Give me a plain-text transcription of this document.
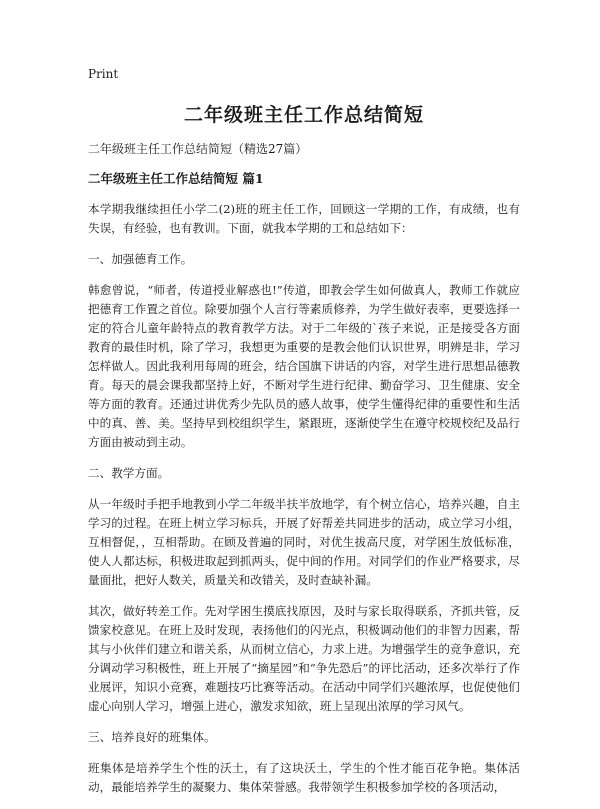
Print
二年级班主任工作总结简短

二年级班主任工作总结简短（精选27篇）

二年级班主任工作总结简短 篇1

本学期我继续担任小学二(2)班的班主任工作，回顾这一学期的工作，有成绩，也有失误，有经验，也有教训。下面，就我本学期的工和总结如下：

一、加强德育工作。

韩愈曾说，“师者，传道授业解惑也!”传道，即教会学生如何做真人，教师工作就应把德育工作置之首位。除要加强个人言行等素质修养，为学生做好表率，更要选择一定的符合儿童年龄特点的教育教学方法。对于二年级的`孩子来说，正是接受各方面教育的最佳时机，除了学习，我想更为重要的是教会他们认识世界，明辨是非，学习怎样做人。因此我利用每周的班会，结合国旗下讲话的内容，对学生进行思想品德教育。每天的晨会课我都坚持上好，不断对学生进行纪律、勤奋学习、卫生健康、安全等方面的教育。还通过讲优秀少先队员的感人故事，使学生懂得纪律的重要性和生活中的真、善、美。坚持早到校组织学生，紧跟班，逐渐使学生在遵守校规校纪及品行方面由被动到主动。

二、教学方面。

从一年级时手把手地教到小学二年级半扶半放地学，有个树立信心，培养兴趣，自主学习的过程。在班上树立学习标兵，开展了好帮差共同进步的活动，成立学习小组，互相督促，，互相帮助。在顾及普遍的同时，对优生拔高尺度，对学困生放低标准，使人人都达标，积极进取起到抓两头，促中间的作用。对同学们的作业严格要求，尽量面批，把好人数关，质量关和改错关，及时查缺补漏。

其次，做好转差工作。先对学困生摸底找原因，及时与家长取得联系，齐抓共管，反馈家校意见。在班上及时发现，表扬他们的闪光点，积极调动他们的非智力因素，帮其与小伙伴们建立和谐关系，从而树立信心，力求上进。为增强学生的竞争意识，充分调动学习积极性，班上开展了“摘星园”和“争先恐后”的评比活动，还多次举行了作业展评，知识小竞赛，难题技巧比赛等活动。在活动中同学们兴趣浓厚，也促使他们虚心向别人学习，增强上进心，激发求知欲，班上呈现出浓厚的学习风气。

三、培养良好的班集体。

班集体是培养学生个性的沃土，有了这块沃土，学生的个性才能百花争艳。集体活动，最能培养学生的凝聚力、集体荣誉感。我带领学生积极参加学校的各项活动，
